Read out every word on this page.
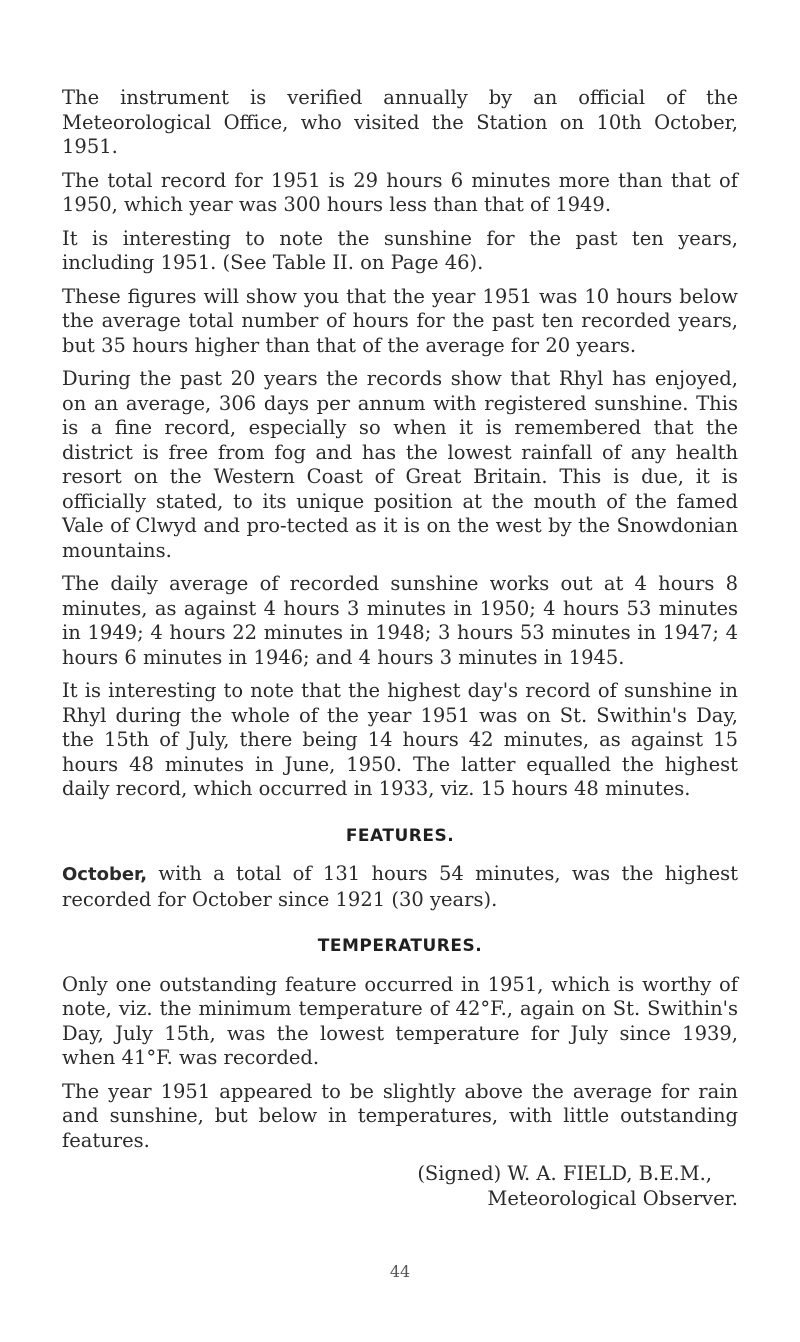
The instrument is verified annually by an official of the Meteorological Office, who visited the Station on 10th October, 1951.

The total record for 1951 is 29 hours 6 minutes more than that of 1950, which year was 300 hours less than that of 1949.

It is interesting to note the sunshine for the past ten years, including 1951. (See Table II. on Page 46).

These figures will show you that the year 1951 was 10 hours below the average total number of hours for the past ten recorded years, but 35 hours higher than that of the average for 20 years.

During the past 20 years the records show that Rhyl has enjoyed, on an average, 306 days per annum with registered sunshine. This is a fine record, especially so when it is remembered that the district is free from fog and has the lowest rainfall of any health resort on the Western Coast of Great Britain. This is due, it is officially stated, to its unique position at the mouth of the famed Vale of Clwyd and pro-tected as it is on the west by the Snowdonian mountains.

The daily average of recorded sunshine works out at 4 hours 8 minutes, as against 4 hours 3 minutes in 1950; 4 hours 53 minutes in 1949; 4 hours 22 minutes in 1948; 3 hours 53 minutes in 1947; 4 hours 6 minutes in 1946; and 4 hours 3 minutes in 1945.

It is interesting to note that the highest day's record of sunshine in Rhyl during the whole of the year 1951 was on St. Swithin's Day, the 15th of July, there being 14 hours 42 minutes, as against 15 hours 48 minutes in June, 1950. The latter equalled the highest daily record, which occurred in 1933, viz. 15 hours 48 minutes.

FEATURES.

October, with a total of 131 hours 54 minutes, was the highest recorded for October since 1921 (30 years).

TEMPERATURES.

Only one outstanding feature occurred in 1951, which is worthy of note, viz. the minimum temperature of 42°F., again on St. Swithin's Day, July 15th, was the lowest temperature for July since 1939, when 41°F. was recorded.

The year 1951 appeared to be slightly above the average for rain and sunshine, but below in temperatures, with little outstanding features.

(Signed) W. A. FIELD, B.E.M.,
Meteorological Observer.
44
